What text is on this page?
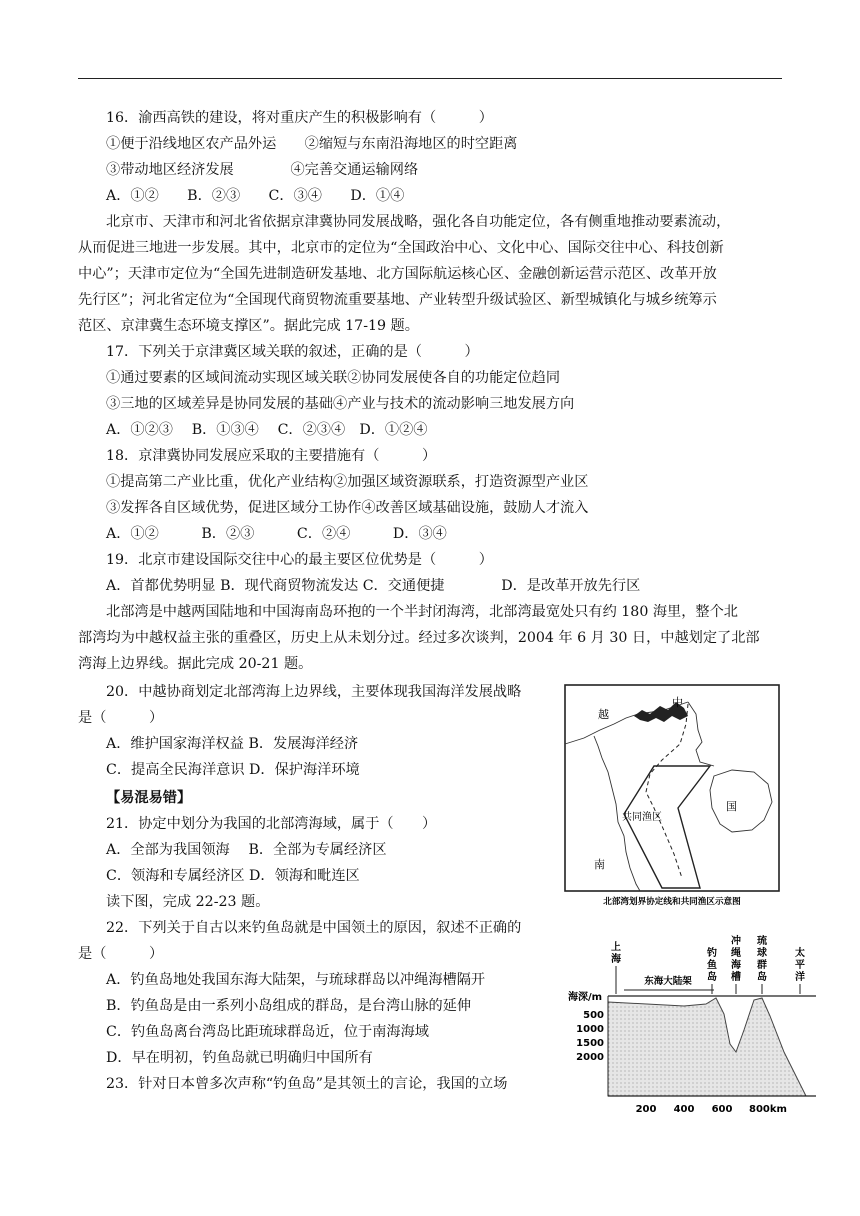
16．渝西高铁的建设，将对重庆产生的积极影响有（　　　）
①便于沿线地区农产品外运　　②缩短与东南沿海地区的时空距离
③带动地区经济发展　　　　④完善交通运输网络
A．①②　　B．②③　　C．③④　　D．①④
北京市、天津市和河北省依据京津冀协同发展战略，强化各自功能定位，各有侧重地推动要素流动，
从而促进三地进一步发展。其中，北京市的定位为“全国政治中心、文化中心、国际交往中心、科技创新
中心”；天津市定位为“全国先进制造研发基地、北方国际航运核心区、金融创新运营示范区、改革开放
先行区”；河北省定位为“全国现代商贸物流重要基地、产业转型升级试验区、新型城镇化与城乡统筹示
范区、京津冀生态环境支撑区”。据此完成 17-19 题。
17．下列关于京津冀区域关联的叙述，正确的是（　　　）
①通过要素的区域间流动实现区域关联②协同发展使各自的功能定位趋同
③三地的区域差异是协同发展的基础④产业与技术的流动影响三地发展方向
A．①②③　 B．①③④　 C．②③④　D．①②④
18．京津冀协同发展应采取的主要措施有（　　　）
①提高第二产业比重，优化产业结构②加强区域资源联系，打造资源型产业区
③发挥各自区域优势，促进区域分工协作④改善区域基础设施，鼓励人才流入
A．①②　　　B．②③　　　C．②④　　　D．③④
19．北京市建设国际交往中心的最主要区位优势是（　　　）
A．首都优势明显 B．现代商贸物流发达 C．交通便捷　　　　D．是改革开放先行区
北部湾是中越两国陆地和中国海南岛环抱的一个半封闭海湾，北部湾最宽处只有约 180 海里，整个北
部湾均为中越权益主张的重叠区，历史上从未划分过。经过多次谈判，2004 年 6 月 30 日，中越划定了北部
湾海上边界线。据此完成 20-21 题。
20．中越协商划定北部湾海上边界线，主要体现我国海洋发展战略
是（　　　）
A．维护国家海洋权益 B．发展海洋经济
C．提高全民海洋意识 D．保护海洋环境
【易混易错】
21．协定中划分为我国的北部湾海域，属于（　　）
A．全部为我国领海　 B．全部为专属经济区
C．领海和专属经济区 D．领海和毗连区
读下图，完成 22-23 题。
22．下列关于自古以来钓鱼岛就是中国领土的原因，叙述不正确的
是（　　　）
A．钓鱼岛地处我国东海大陆架，与琉球群岛以冲绳海槽隔开
B．钓鱼岛是由一系列小岛组成的群岛，是台湾山脉的延伸
C．钓鱼岛离台湾岛比距琉球群岛近，位于南海海域
D．早在明初，钓鱼岛就已明确归中国所有
23．针对日本曾多次声称“钓鱼岛”是其领土的言论，我国的立场
中
越
共同渔区
国
南
北部湾划界协定线和共同渔区示意图
上
海
东海大陆架
钓
鱼
岛
冲
绳
海
槽
琉
球
群
岛
太
平
洋
海深/m
500
1000
1500
2000
200 400 600 800km
